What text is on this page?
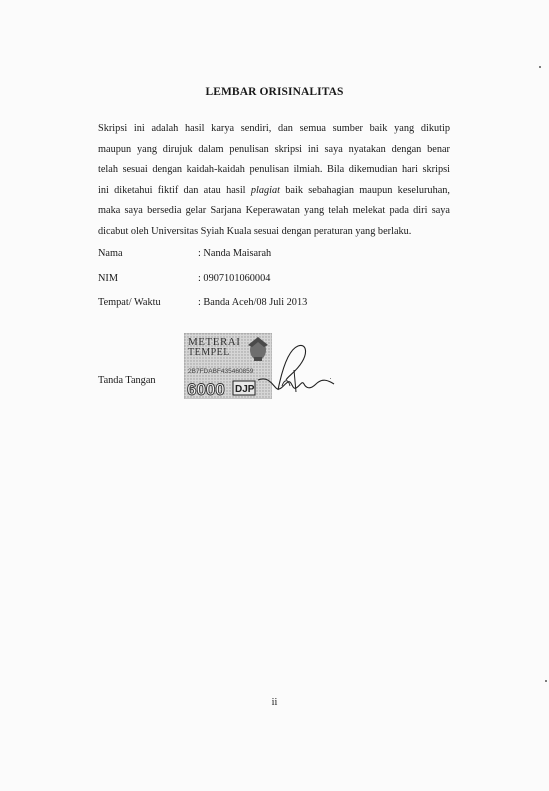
LEMBAR ORISINALITAS
Skripsi ini adalah hasil karya sendiri, dan semua sumber baik yang dikutip
maupun yang dirujuk dalam penulisan skripsi ini saya nyatakan dengan benar
telah sesuai dengan kaidah-kaidah penulisan ilmiah. Bila dikemudian hari skripsi
ini diketahui fiktif dan atau hasil plagiat baik sebahagian maupun keseluruhan,
maka saya bersedia gelar Sarjana Keperawatan yang telah melekat pada diri saya
dicabut oleh Universitas Syiah Kuala sesuai dengan peraturan yang berlaku.
Nama	: Nanda Maisarah
NIM	: 0907101060004
Tempat/ Waktu	: Banda Aceh/08 Juli 2013
Tanda Tangan
METERAI
TEMPEL
2B7FDABF435460859
6000 DJP
ii
